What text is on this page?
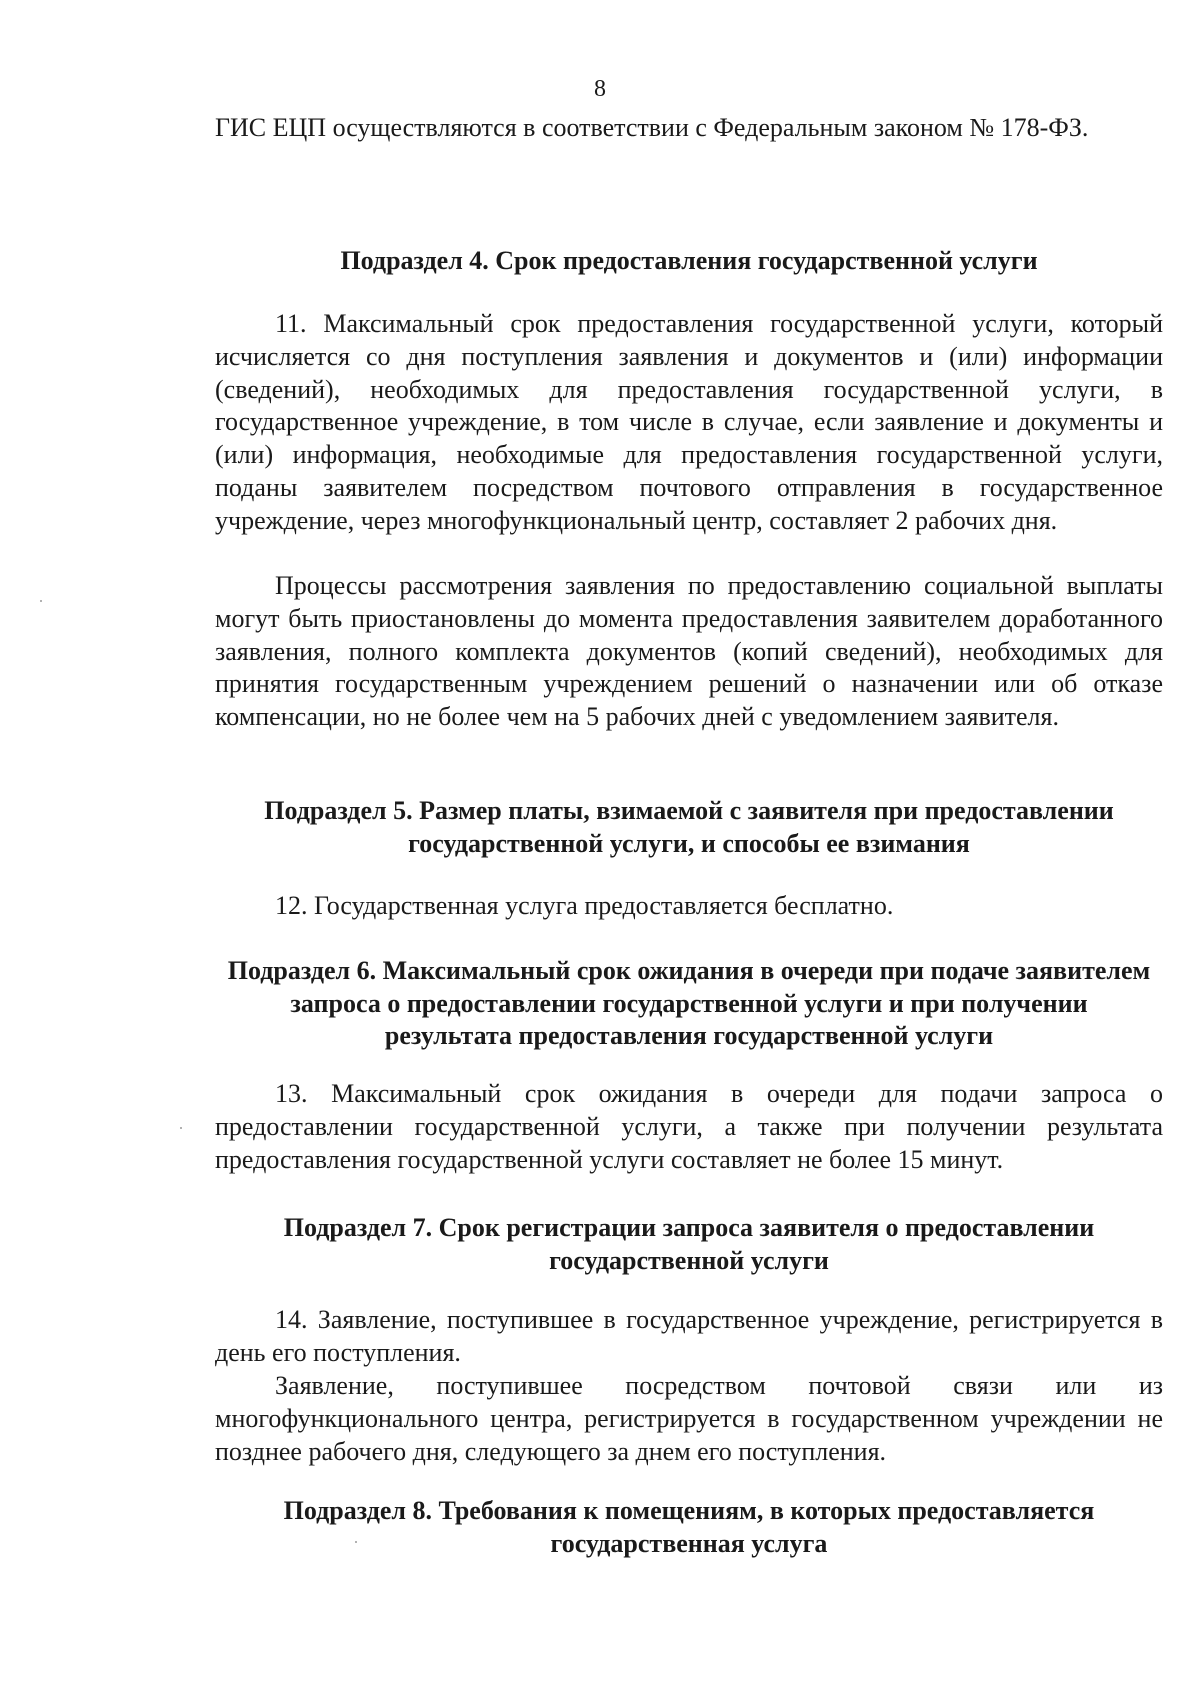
8

ГИС ЕЦП осуществляются в соответствии с Федеральным законом № 178-ФЗ.

Подраздел 4. Срок предоставления государственной услуги

11. Максимальный срок предоставления государственной услуги, который исчисляется со дня поступления заявления и документов и (или) информации (сведений), необходимых для предоставления государственной услуги, в государственное учреждение, в том числе в случае, если заявление и документы и (или) информация, необходимые для предоставления государственной услуги, поданы заявителем посредством почтового отправления в государственное учреждение, через многофункциональный центр, составляет 2 рабочих дня.

Процессы рассмотрения заявления по предоставлению социальной выплаты могут быть приостановлены до момента предоставления заявителем доработанного заявления, полного комплекта документов (копий сведений), необходимых для принятия государственным учреждением решений о назначении или об отказе компенсации, но не более чем на 5 рабочих дней с уведомлением заявителя.

Подраздел 5. Размер платы, взимаемой с заявителя при предоставлении государственной услуги, и способы ее взимания

12. Государственная услуга предоставляется бесплатно.

Подраздел 6. Максимальный срок ожидания в очереди при подаче заявителем запроса о предоставлении государственной услуги и при получении результата предоставления государственной услуги

13. Максимальный срок ожидания в очереди для подачи запроса о предоставлении государственной услуги, а также при получении результата предоставления государственной услуги составляет не более 15 минут.

Подраздел 7. Срок регистрации запроса заявителя о предоставлении государственной услуги

14. Заявление, поступившее в государственное учреждение, регистрируется в день его поступления.

Заявление, поступившее посредством почтовой связи или из многофункционального центра, регистрируется в государственном учреждении не позднее рабочего дня, следующего за днем его поступления.

Подраздел 8. Требования к помещениям, в которых предоставляется государственная услуга
